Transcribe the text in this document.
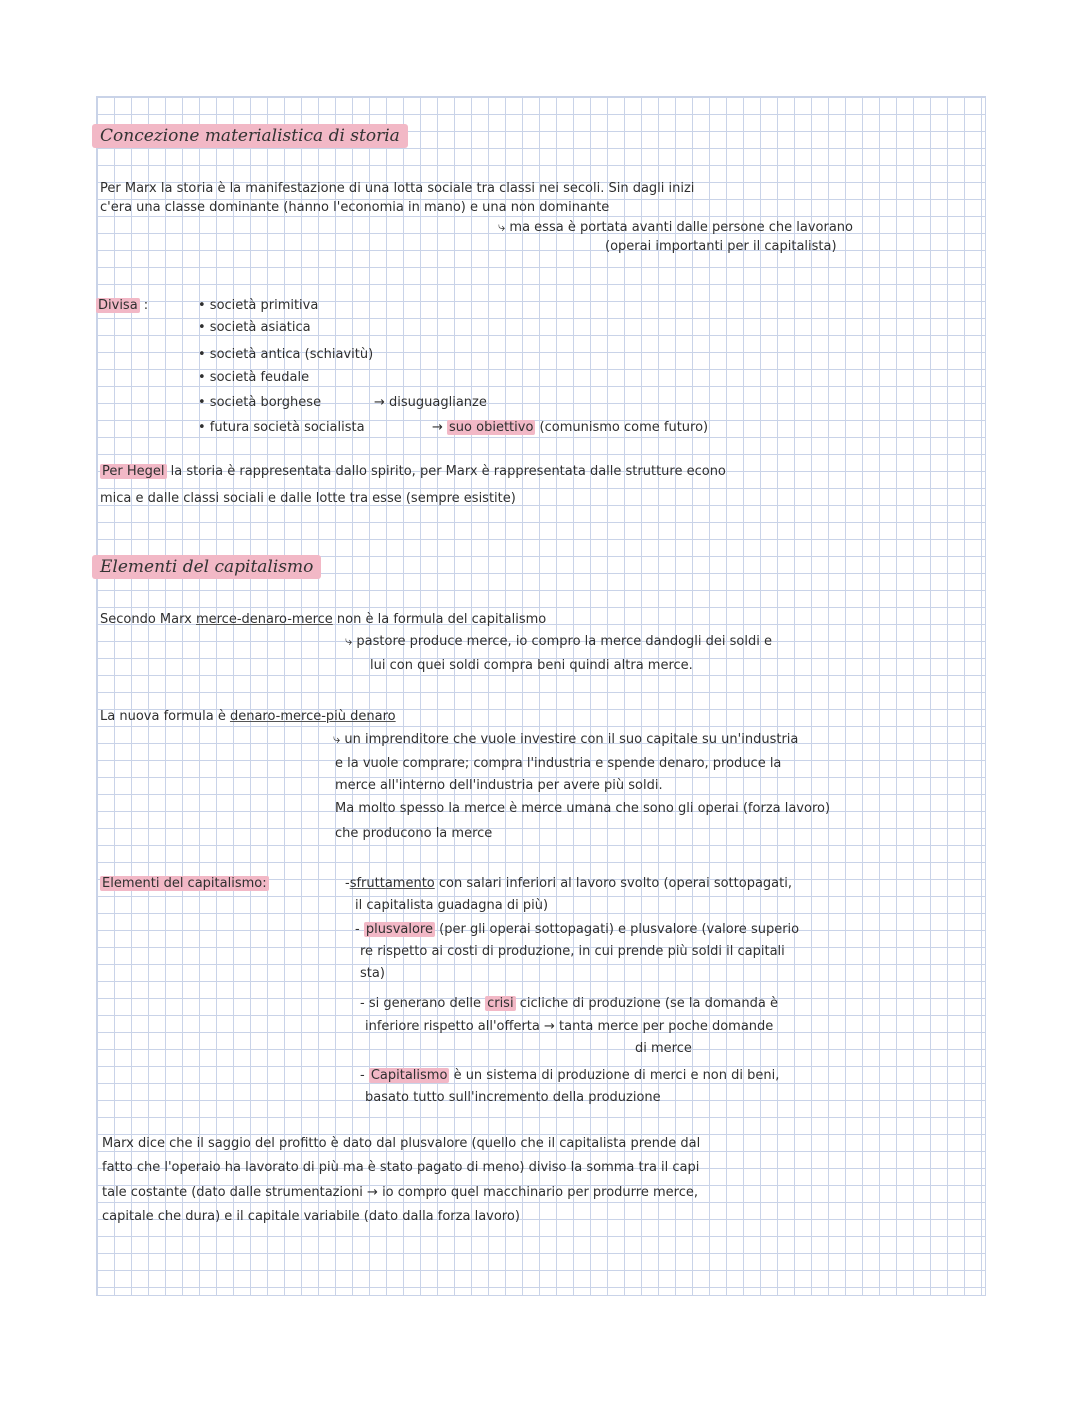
Concezione materialistica di storia
Per Marx la storia è la manifestazione di una lotta sociale tra classi nei secoli. Sin dagli inizi
c'era una classe dominante (hanno l'economia in mano) e una non dominante
⤷ ma essa è portata avanti dalle persone che lavorano
(operai importanti per il capitalista)
Divisa :	• società primitiva
• società asiatica
• società antica (schiavitù)
• società feudale
• società borghese
• futura società socialista
→ disuguaglianze
→ suo obiettivo (comunismo come futuro)
Per Hegel la storia è rappresentata dallo spirito, per Marx è rappresentata dalle strutture econo
mica e dalle classi sociali e dalle lotte tra esse (sempre esistite)
Elementi del capitalismo
Secondo Marx merce-denaro-merce non è la formula del capitalismo
⤷ pastore produce merce, io compro la merce dandogli dei soldi e
lui con quei soldi compra beni quindi altra merce.
La nuova formula è denaro-merce-più denaro
⤷ un imprenditore che vuole investire con il suo capitale su un'industria
e la vuole comprare; compra l'industria e spende denaro, produce la
merce all'interno dell'industria per avere più soldi.
Ma molto spesso la merce è merce umana che sono gli operai (forza lavoro)
che producono la merce
Elementi del capitalismo:	-sfruttamento con salari inferiori al lavoro svolto (operai sottopagati,
il capitalista guadagna di più)
- plusvalore (per gli operai sottopagati) e plusvalore (valore superio
re rispetto ai costi di produzione, in cui prende più soldi il capitali
sta)
- si generano delle crisi cicliche di produzione (se la domanda è
inferiore rispetto all'offerta → tanta merce per poche domande
di merce
- Capitalismo è un sistema di produzione di merci e non di beni,
basato tutto sull'incremento della produzione
Marx dice che il saggio del profitto è dato dal plusvalore (quello che il capitalista prende dal
fatto che l'operaio ha lavorato di più ma è stato pagato di meno) diviso la somma tra il capi
tale costante (dato dalle strumentazioni → io compro quel macchinario per produrre merce,
capitale che dura) e il capitale variabile (dato dalla forza lavoro)
